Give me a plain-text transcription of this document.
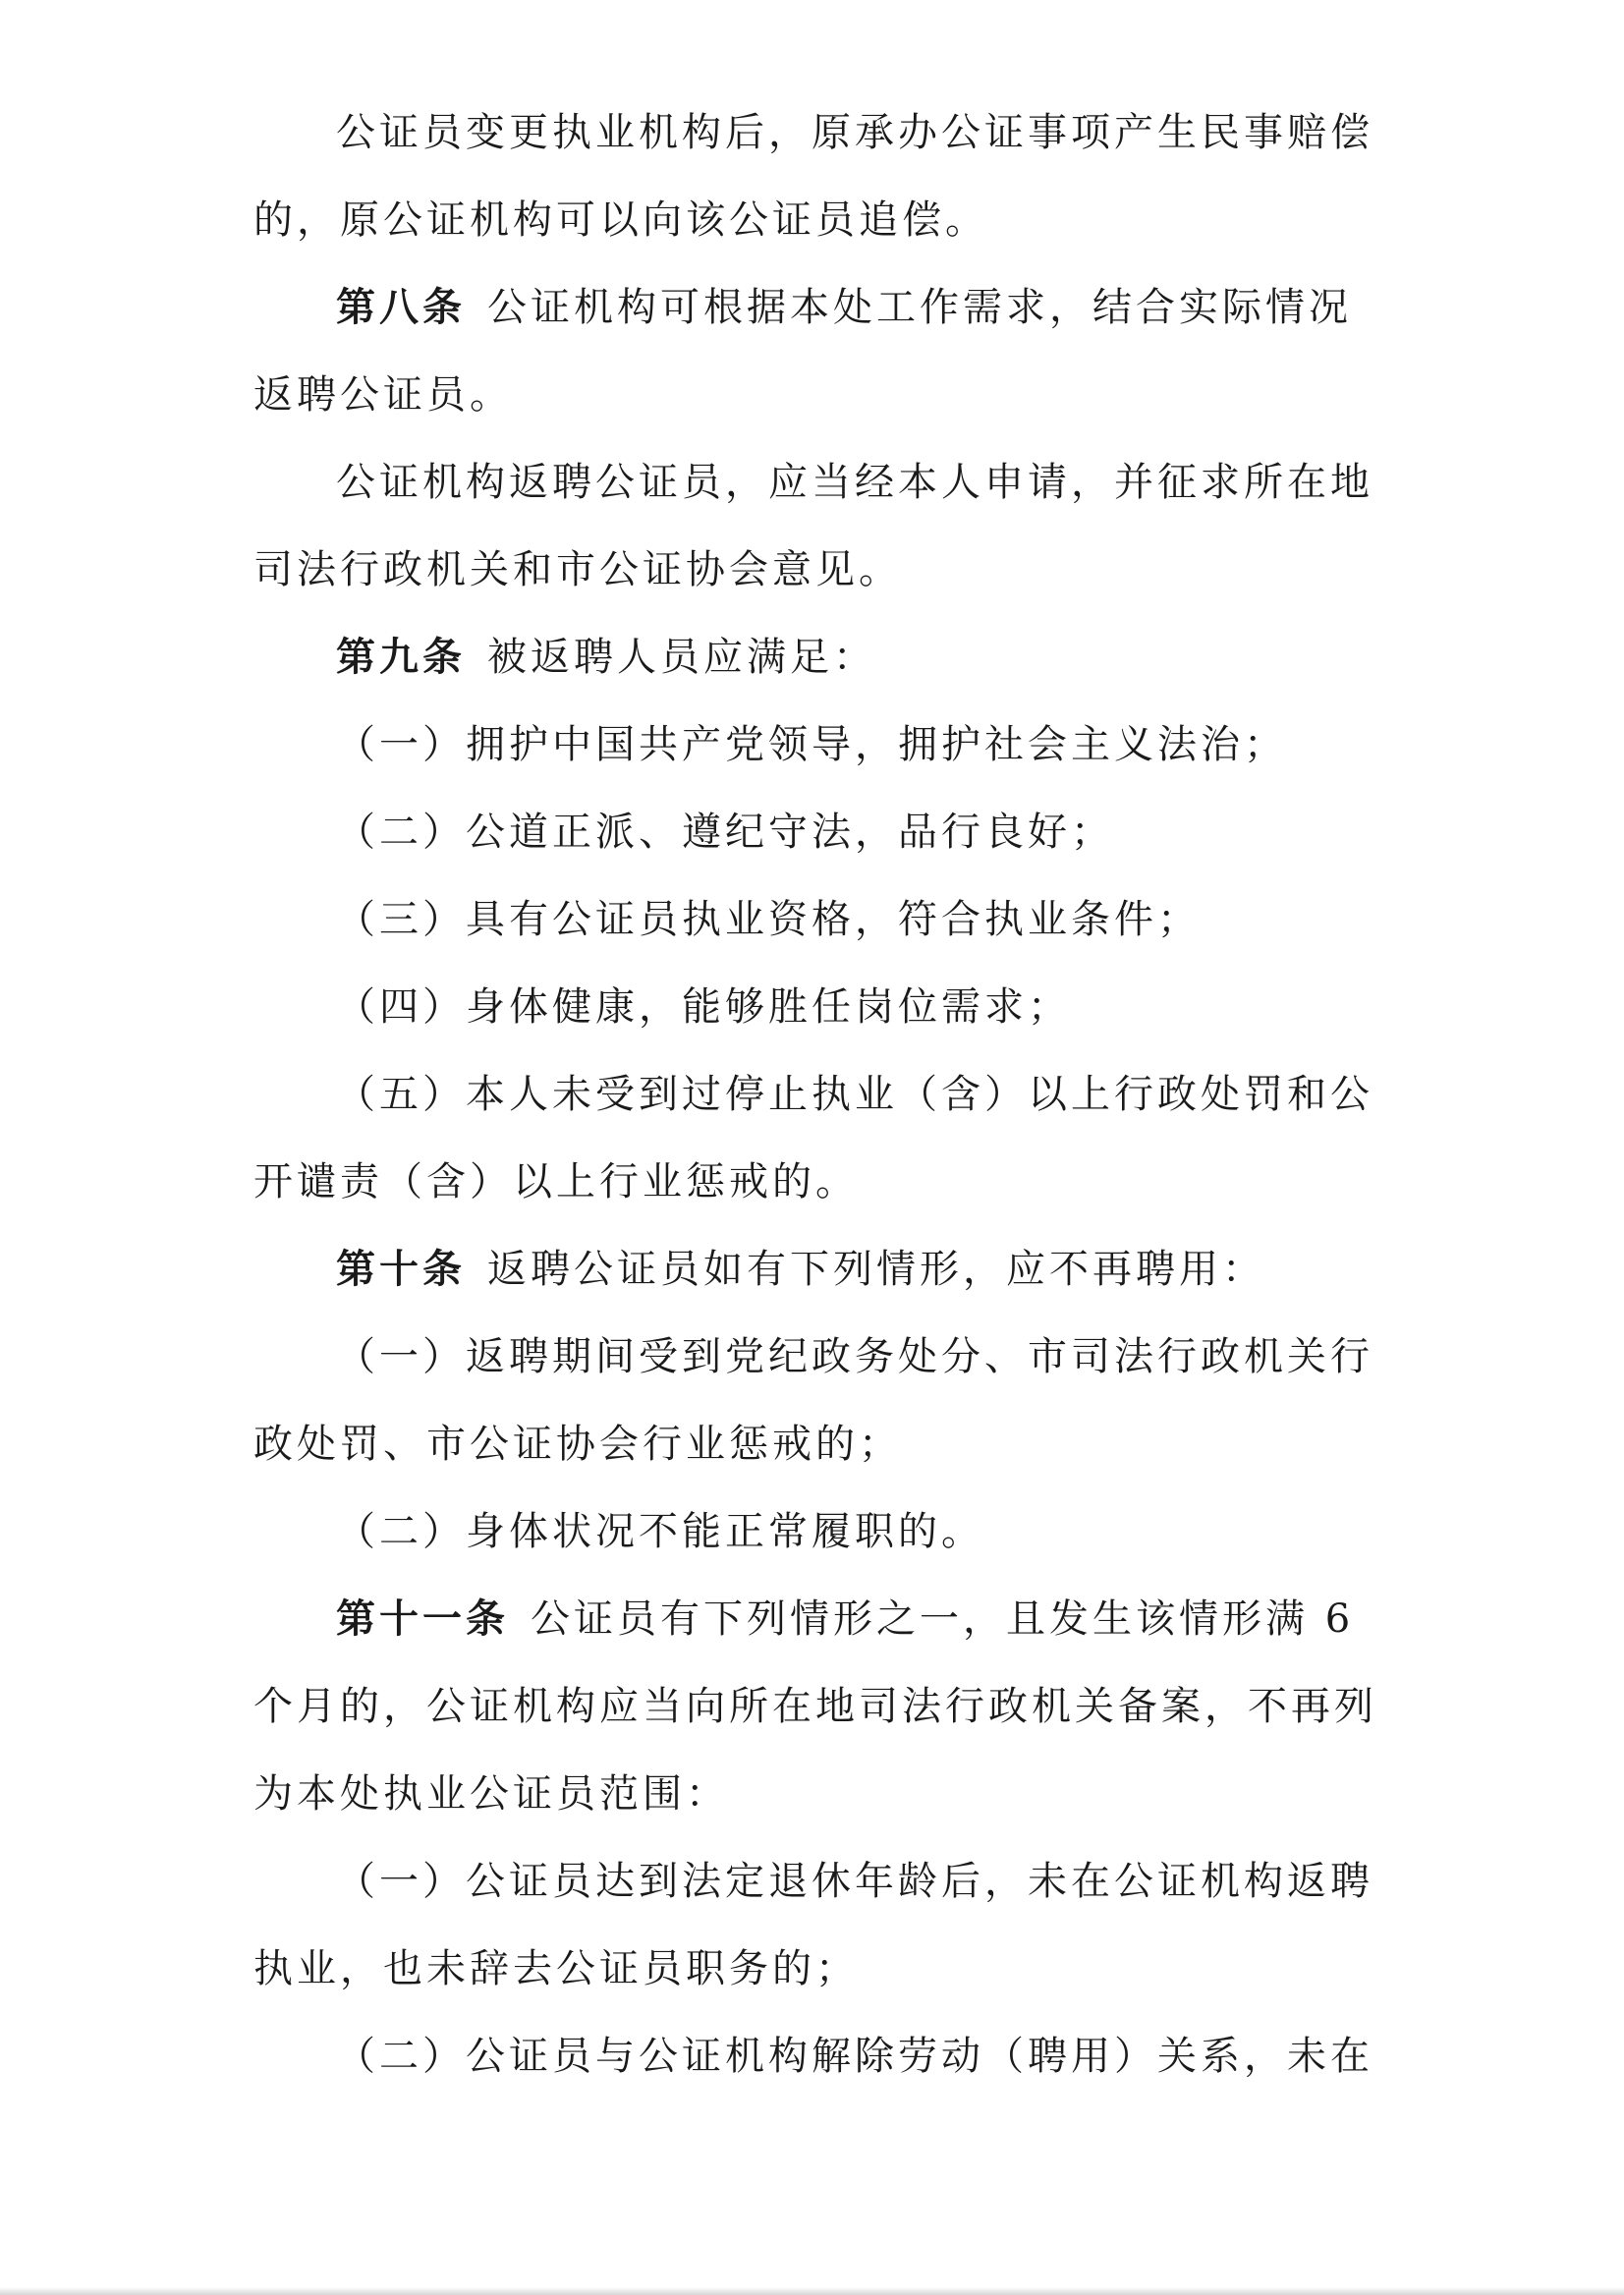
公证员变更执业机构后，原承办公证事项产生民事赔偿
的，原公证机构可以向该公证员追偿。
第八条 公证机构可根据本处工作需求，结合实际情况
返聘公证员。
公证机构返聘公证员，应当经本人申请，并征求所在地
司法行政机关和市公证协会意见。
第九条 被返聘人员应满足：
（一）拥护中国共产党领导，拥护社会主义法治；
（二）公道正派、遵纪守法，品行良好；
（三）具有公证员执业资格，符合执业条件；
（四）身体健康，能够胜任岗位需求；
（五）本人未受到过停止执业（含）以上行政处罚和公
开谴责（含）以上行业惩戒的。
第十条 返聘公证员如有下列情形，应不再聘用：
（一）返聘期间受到党纪政务处分、市司法行政机关行
政处罚、市公证协会行业惩戒的；
（二）身体状况不能正常履职的。
第十一条 公证员有下列情形之一，且发生该情形满 6
个月的，公证机构应当向所在地司法行政机关备案，不再列
为本处执业公证员范围：
（一）公证员达到法定退休年龄后，未在公证机构返聘
执业，也未辞去公证员职务的；
（二）公证员与公证机构解除劳动（聘用）关系，未在
